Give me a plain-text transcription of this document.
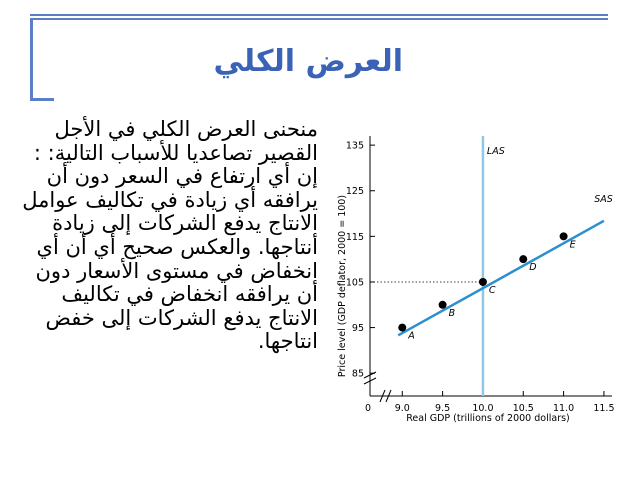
العرض الكلي
منحنى العرض الكلي في الأجل القصير تصاعديا للأسباب التالية: : إن أي ارتفاع في السعر دون أن يرافقه أي زيادة في تكاليف عوامل الانتاج يدفع الشركات إلى زيادة أنتاجها. والعكس صحيح أي أن أي انخفاض في مستوى الأسعار دون أن يرافقه انخفاض في تكاليف الانتاج يدفع الشركات إلى خفض انتاجها. Price level (GDP deflator, 2000 = 100)
Real GDP (trillions of 2000 dollars)
85
95
105
115
125
135
0 9.0	9.5 10.0 10.5 11.0 11.5
LAS
SAS
A
B
C
D
E
